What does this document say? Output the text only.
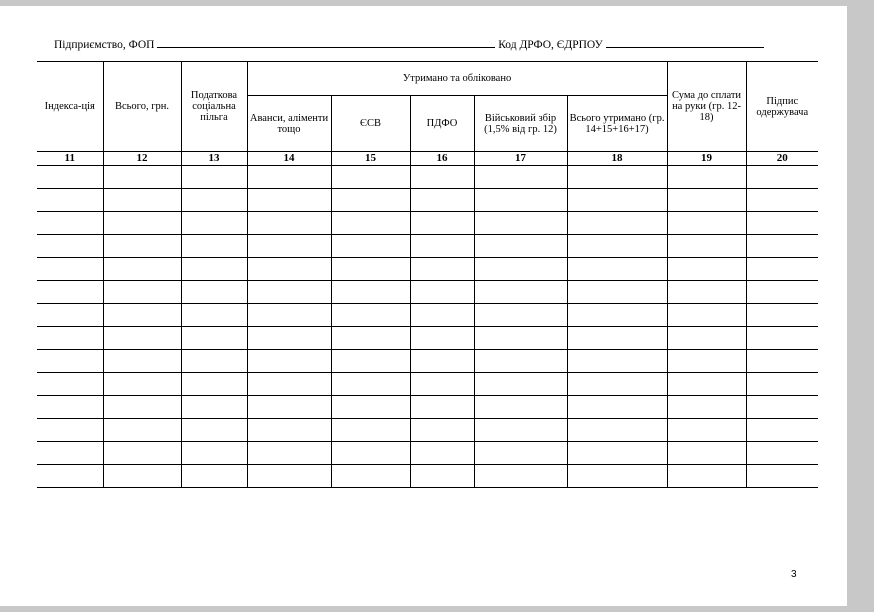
Підприємство, ФОП	Код ДРФО, ЄДРПОУ
Індекса-ція	Всього, грн.	Податкова соціальна пільга	Утримано та обліковано					Сума до сплати на руки (гр. 12-18)	Підпис одержувача
			Аванси, аліменти тощо	ЄСВ	ПДФО	Військовий збір (1,5% від гр. 12)	Всього утримано (гр. 14+15+16+17)		
11	12	13	14	15	16	17	18	19	20

3
